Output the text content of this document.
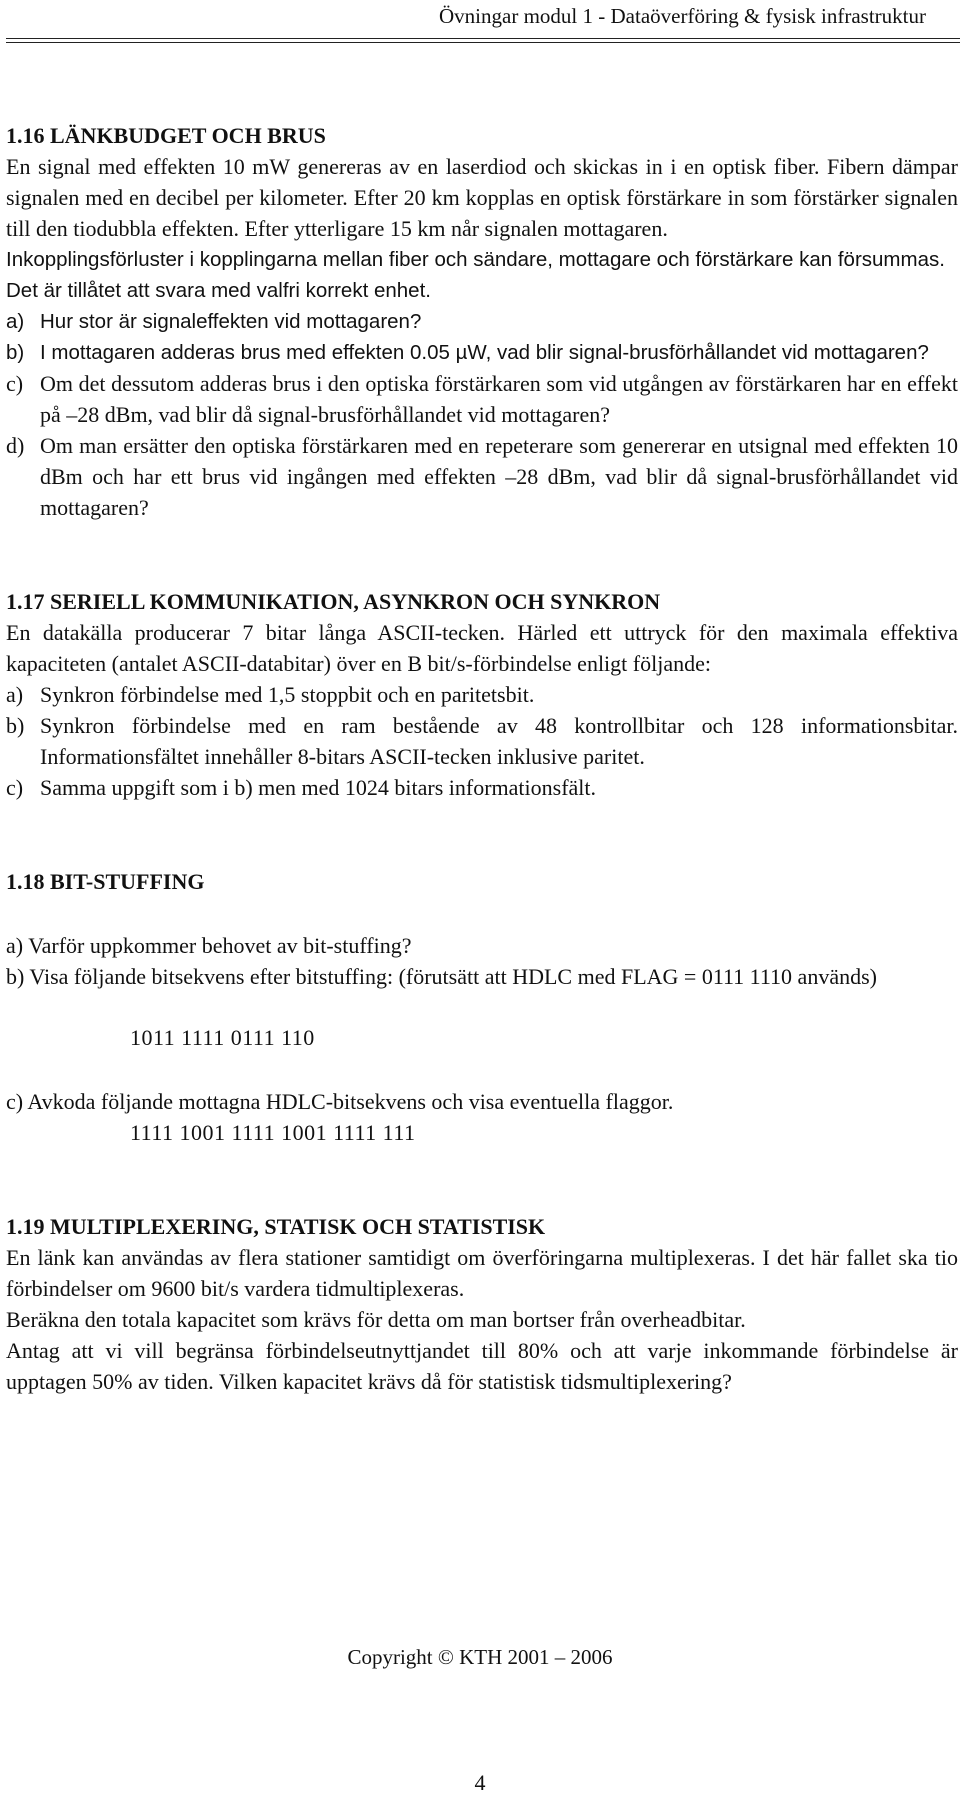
Övningar modul 1 - Dataöverföring & fysisk infrastruktur
1.16 LÄNKBUDGET OCH BRUS

En signal med effekten 10 mW genereras av en laserdiod och skickas in i en optisk fiber. Fibern dämpar signalen med en decibel per kilometer. Efter 20 km kopplas en optisk förstärkare in som förstärker signalen till den tiodubbla effekten. Efter ytterligare 15 km når signalen mottagaren.

Inkopplingsförluster i kopplingarna mellan fiber och sändare, mottagare och förstärkare kan försummas.

Det är tillåtet att svara med valfri korrekt enhet.

a) Hur stor är signaleffekten vid mottagaren?
b) I mottagaren adderas brus med effekten 0.05 µW, vad blir signal-brusförhållandet vid mottagaren?
c) Om det dessutom adderas brus i den optiska förstärkaren som vid utgången av förstärkaren har en effekt på –28 dBm, vad blir då signal-brusförhållandet vid mottagaren?
d) Om man ersätter den optiska förstärkaren med en repeterare som genererar en utsignal med effekten 10 dBm och har ett brus vid ingången med effekten –28 dBm, vad blir då signal-brusförhållandet vid mottagaren?
1.17 SERIELL KOMMUNIKATION, ASYNKRON OCH SYNKRON

En datakälla producerar 7 bitar långa ASCII-tecken. Härled ett uttryck för den maximala effektiva kapaciteten (antalet ASCII-databitar) över en B bit/s-förbindelse enligt följande:

a) Synkron förbindelse med 1,5 stoppbit och en paritetsbit.
b) Synkron förbindelse med en ram bestående av 48 kontrollbitar och 128 informationsbitar. Informationsfältet innehåller 8-bitars ASCII-tecken inklusive paritet.
c) Samma uppgift som i b) men med 1024 bitars informationsfält.
1.18 BIT-STUFFING

a) Varför uppkommer behovet av bit-stuffing?

b) Visa följande bitsekvens efter bitstuffing: (förutsätt att HDLC med FLAG = 0111 1110 används)

1011 1111 0111 110

c) Avkoda följande mottagna HDLC-bitsekvens och visa eventuella flaggor.

1111 1001 1111 1001 1111 111

1.19 MULTIPLEXERING, STATISK OCH STATISTISK

En länk kan användas av flera stationer samtidigt om överföringarna multiplexeras. I det här fallet ska tio förbindelser om 9600 bit/s vardera tidmultiplexeras.

Beräkna den totala kapacitet som krävs för detta om man bortser från overheadbitar.

Antag att vi vill begränsa förbindelseutnyttjandet till 80% och att varje inkommande förbindelse är upptagen 50% av tiden. Vilken kapacitet krävs då för statistisk tidsmultiplexering?

Copyright © KTH 2001 – 2006
4
